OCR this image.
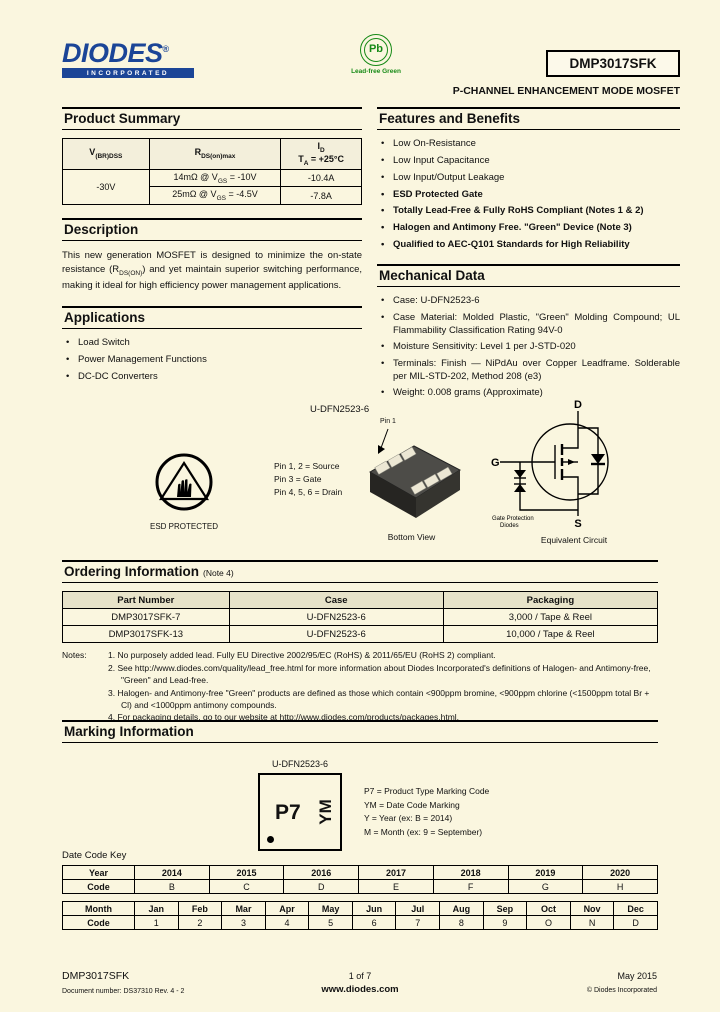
DIODES®
INCORPORATED
Pb
Lead-free Green
DMP3017SFK
P-CHANNEL ENHANCEMENT MODE MOSFET
Product Summary
$V_{(BR)DSS}$	$R_{DS(on)max}$	$I_D$
$T_A = +25^\circ C$

-30V	14mΩ @ $V_{GS} = -10V$	-10.4A
	25mΩ @ $V_{GS} = -4.5V$	-7.8A
Description

This new generation MOSFET is designed to minimize the on-state resistance $(R_{DS(ON)})$ and yet maintain superior switching performance, making it ideal for high efficiency power management applications.

Applications
• Load Switch
• Power Management Functions
• DC-DC Converters
Features and Benefits
• Low On-Resistance
• Low Input Capacitance
• Low Input/Output Leakage
• ESD Protected Gate
• Totally Lead-Free & Fully RoHS Compliant (Notes 1 & 2)
• Halogen and Antimony Free. "Green" Device (Note 3)
• Qualified to AEC-Q101 Standards for High Reliability
Mechanical Data
• Case: U-DFN2523-6
• Case Material: Molded Plastic, "Green" Molding Compound; UL Flammability Classification Rating 94V-0
• Moisture Sensitivity: Level 1 per J-STD-020
• Terminals: Finish — NiPdAu over Copper Leadframe. Solderable per MIL-STD-202, Method 208 (e3)
• Weight: 0.008 grams (Approximate)
U-DFN2523-6
Pin 1
Pin 1, 2 = Source
Pin 3 = Gate
Pin 4, 5, 6 = Drain
Bottom View
ESD PROTECTED
D
G
S
Gate Protection
Diodes
Equivalent Circuit
Ordering Information (Note 4)
Part Number	Case	Packaging
DMP3017SFK-7	U-DFN2523-6	3,000 / Tape & Reel
DMP3017SFK-13	U-DFN2523-6	10,000 / Tape & Reel
Notes:	1. No purposely added lead. Fully EU Directive 2002/95/EC (RoHS) & 2011/65/EU (RoHS 2) compliant.
2. See http://www.diodes.com/quality/lead_free.html for more information about Diodes Incorporated's definitions of Halogen- and Antimony-free, "Green" and Lead-free.
3. Halogen- and Antimony-free "Green" products are defined as those which contain <900ppm bromine, <900ppm chlorine (<1500ppm total Br + Cl) and <1000ppm antimony compounds.
4. For packaging details, go to our website at http://www.diodes.com/products/packages.html.
Marking Information
U-DFN2523-6
P7 YM
P7 = Product Type Marking Code
YM = Date Code Marking
Y = Year (ex: B = 2014)
M = Month (ex: 9 = September)
Date Code Key
Year	2014	2015	2016	2017	2018	2019	2020
Code	B	C	D	E	F	G	H
Month	Jan	Feb	Mar	Apr	May	Jun	Jul	Aug	Sep	Oct	Nov	Dec
Code	1	2	3	4	5	6	7	8	9	O	N	D
DMP3017SFK
Document number: DS37310 Rev. 4 - 2
1 of 7
www.diodes.com
May 2015
© Diodes Incorporated
